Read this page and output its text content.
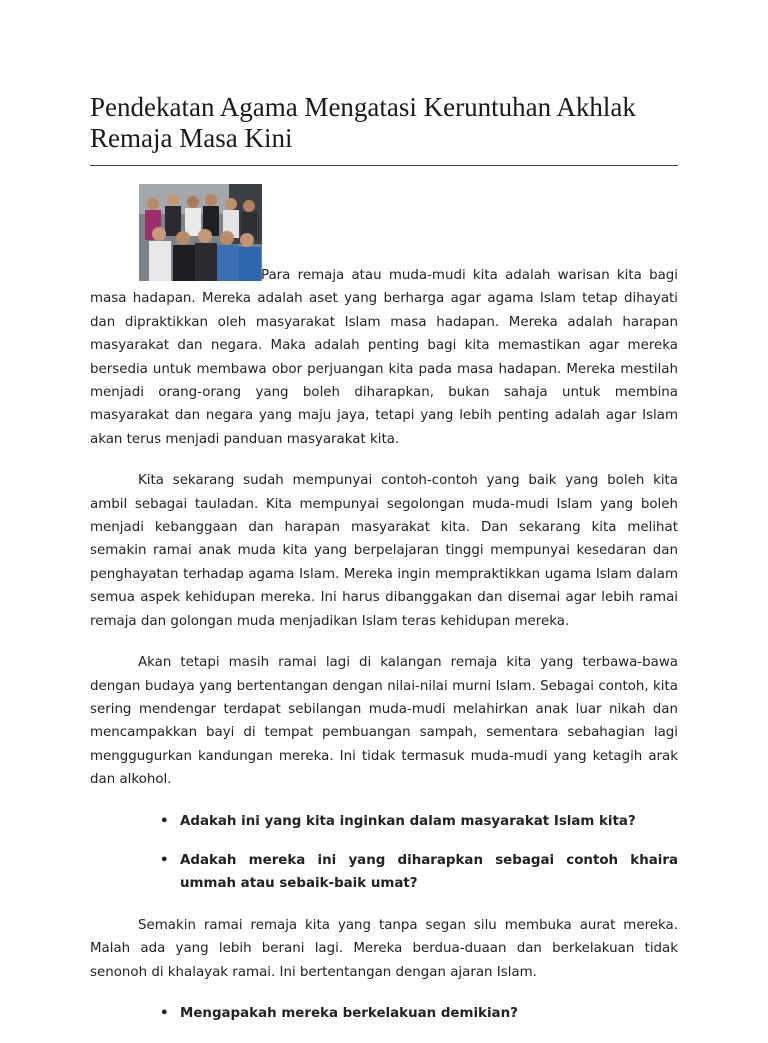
Pendekatan Agama Mengatasi Keruntuhan Akhlak Remaja Masa Kini

Para remaja atau muda-mudi kita adalah warisan kita bagi masa hadapan. Mereka adalah aset yang berharga agar agama Islam tetap dihayati dan dipraktikkan oleh masyarakat Islam masa hadapan. Mereka adalah harapan masyarakat dan negara. Maka adalah penting bagi kita memastikan agar mereka bersedia untuk membawa obor perjuangan kita pada masa hadapan. Mereka mestilah menjadi orang-orang yang boleh diharapkan, bukan sahaja untuk membina masyarakat dan negara yang maju jaya, tetapi yang lebih penting adalah agar Islam akan terus menjadi panduan masyarakat kita.

Kita sekarang sudah mempunyai contoh-contoh yang baik yang boleh kita ambil sebagai tauladan. Kita mempunyai segolongan muda-mudi Islam yang boleh menjadi kebanggaan dan harapan masyarakat kita. Dan sekarang kita melihat semakin ramai anak muda kita yang berpelajaran tinggi mempunyai kesedaran dan penghayatan terhadap agama Islam. Mereka ingin mempraktikkan ugama Islam dalam semua aspek kehidupan mereka. Ini harus dibanggakan dan disemai agar lebih ramai remaja dan golongan muda menjadikan Islam teras kehidupan mereka.

Akan tetapi masih ramai lagi di kalangan remaja kita yang terbawa-bawa dengan budaya yang bertentangan dengan nilai-nilai murni Islam. Sebagai contoh, kita sering mendengar terdapat sebilangan muda-mudi melahirkan anak luar nikah dan mencampakkan bayi di tempat pembuangan sampah, sementara sebahagian lagi menggugurkan kandungan mereka. Ini tidak termasuk muda-mudi yang ketagih arak dan alkohol.

• Adakah ini yang kita inginkan dalam masyarakat Islam kita?
• Adakah mereka ini yang diharapkan sebagai contoh khaira ummah atau sebaik-baik umat?

Semakin ramai remaja kita yang tanpa segan silu membuka aurat mereka. Malah ada yang lebih berani lagi. Mereka berdua-duaan dan berkelakuan tidak senonoh di khalayak ramai. Ini bertentangan dengan ajaran Islam.

• Mengapakah mereka berkelakuan demikian?
